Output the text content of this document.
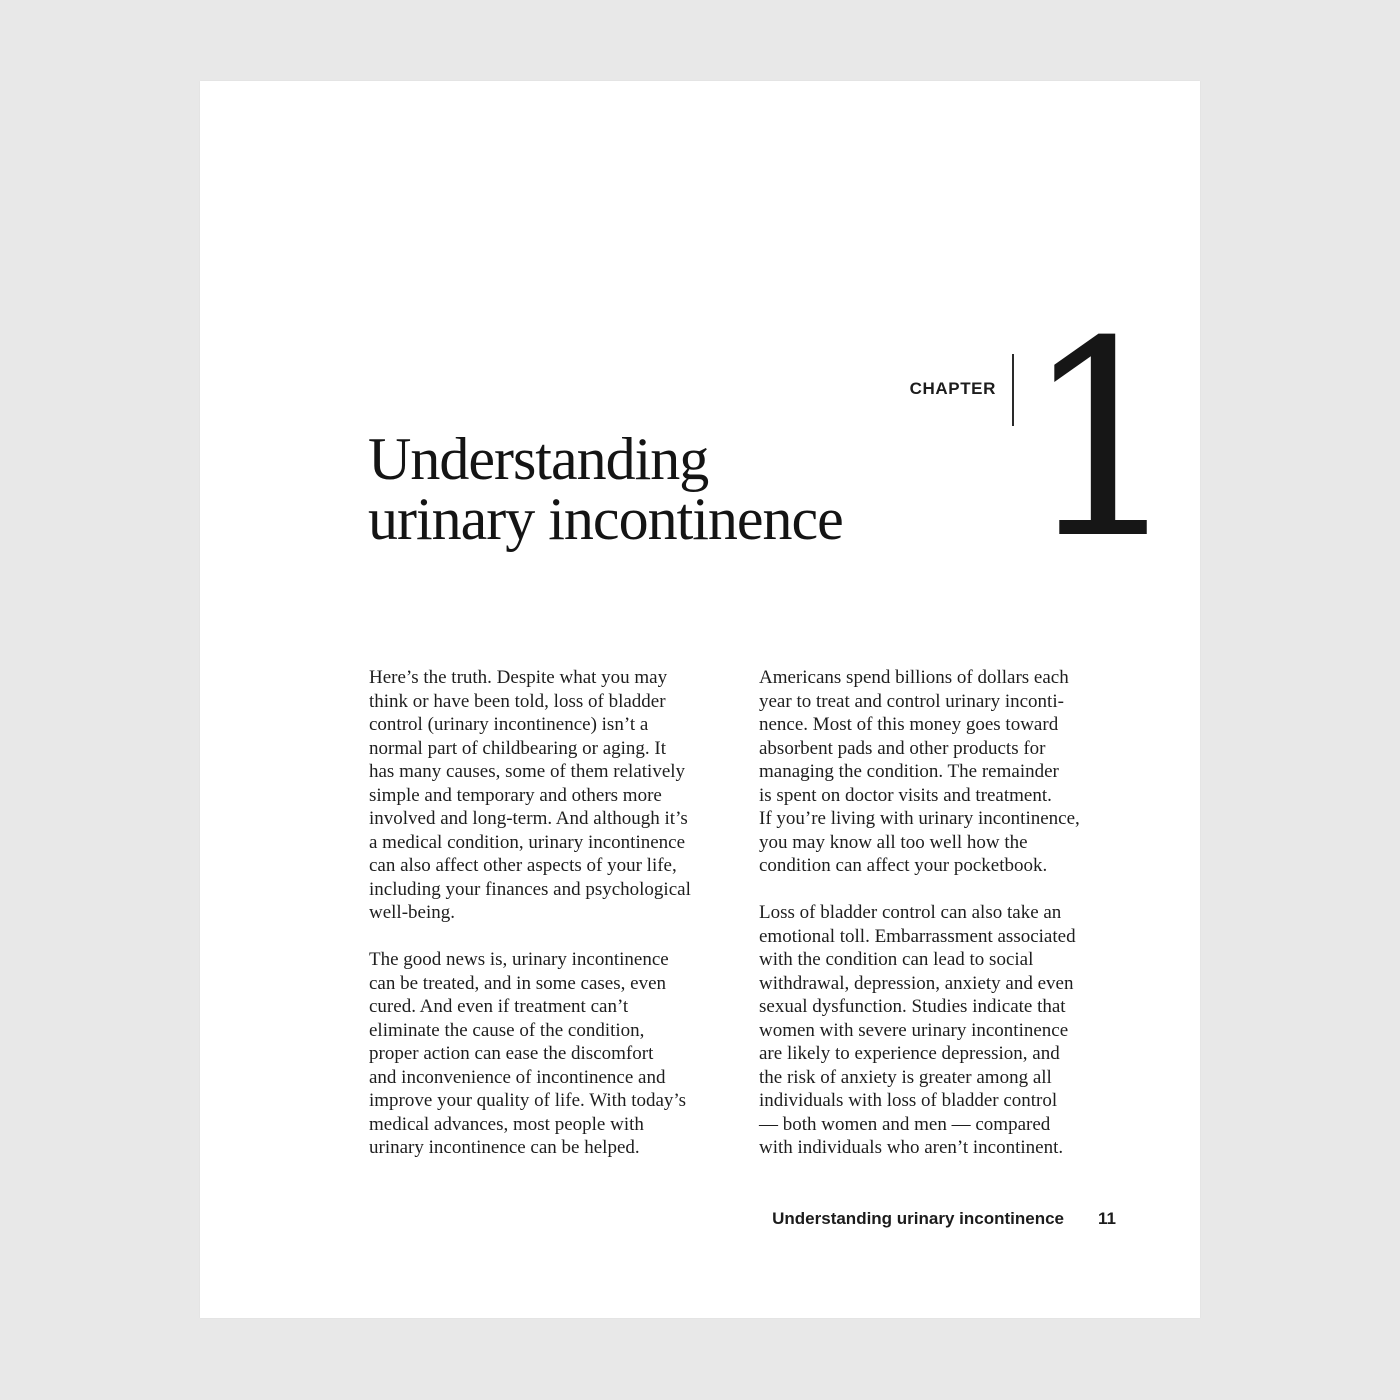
CHAPTER 1
Understanding
urinary incontinence

Here’s the truth. Despite what you may
think or have been told, loss of bladder
control (urinary incontinence) isn’t a
normal part of childbearing or aging. It
has many causes, some of them relatively
simple and temporary and others more
involved and long-term. And although it’s
a medical condition, urinary incontinence
can also affect other aspects of your life,
including your finances and psychological
well-being.

The good news is, urinary incontinence
can be treated, and in some cases, even
cured. And even if treatment can’t
eliminate the cause of the condition,
proper action can ease the discomfort
and inconvenience of incontinence and
improve your quality of life. With today’s
medical advances, most people with
urinary incontinence can be helped.

Americans spend billions of dollars each
year to treat and control urinary inconti-
nence. Most of this money goes toward
absorbent pads and other products for
managing the condition. The remainder
is spent on doctor visits and treatment.
If you’re living with urinary incontinence,
you may know all too well how the
condition can affect your pocketbook.

Loss of bladder control can also take an
emotional toll. Embarrassment associated
with the condition can lead to social
withdrawal, depression, anxiety and even
sexual dysfunction. Studies indicate that
women with severe urinary incontinence
are likely to experience depression, and
the risk of anxiety is greater among all
individuals with loss of bladder control
— both women and men — compared
with individuals who aren’t incontinent.

Understanding urinary incontinence	11
